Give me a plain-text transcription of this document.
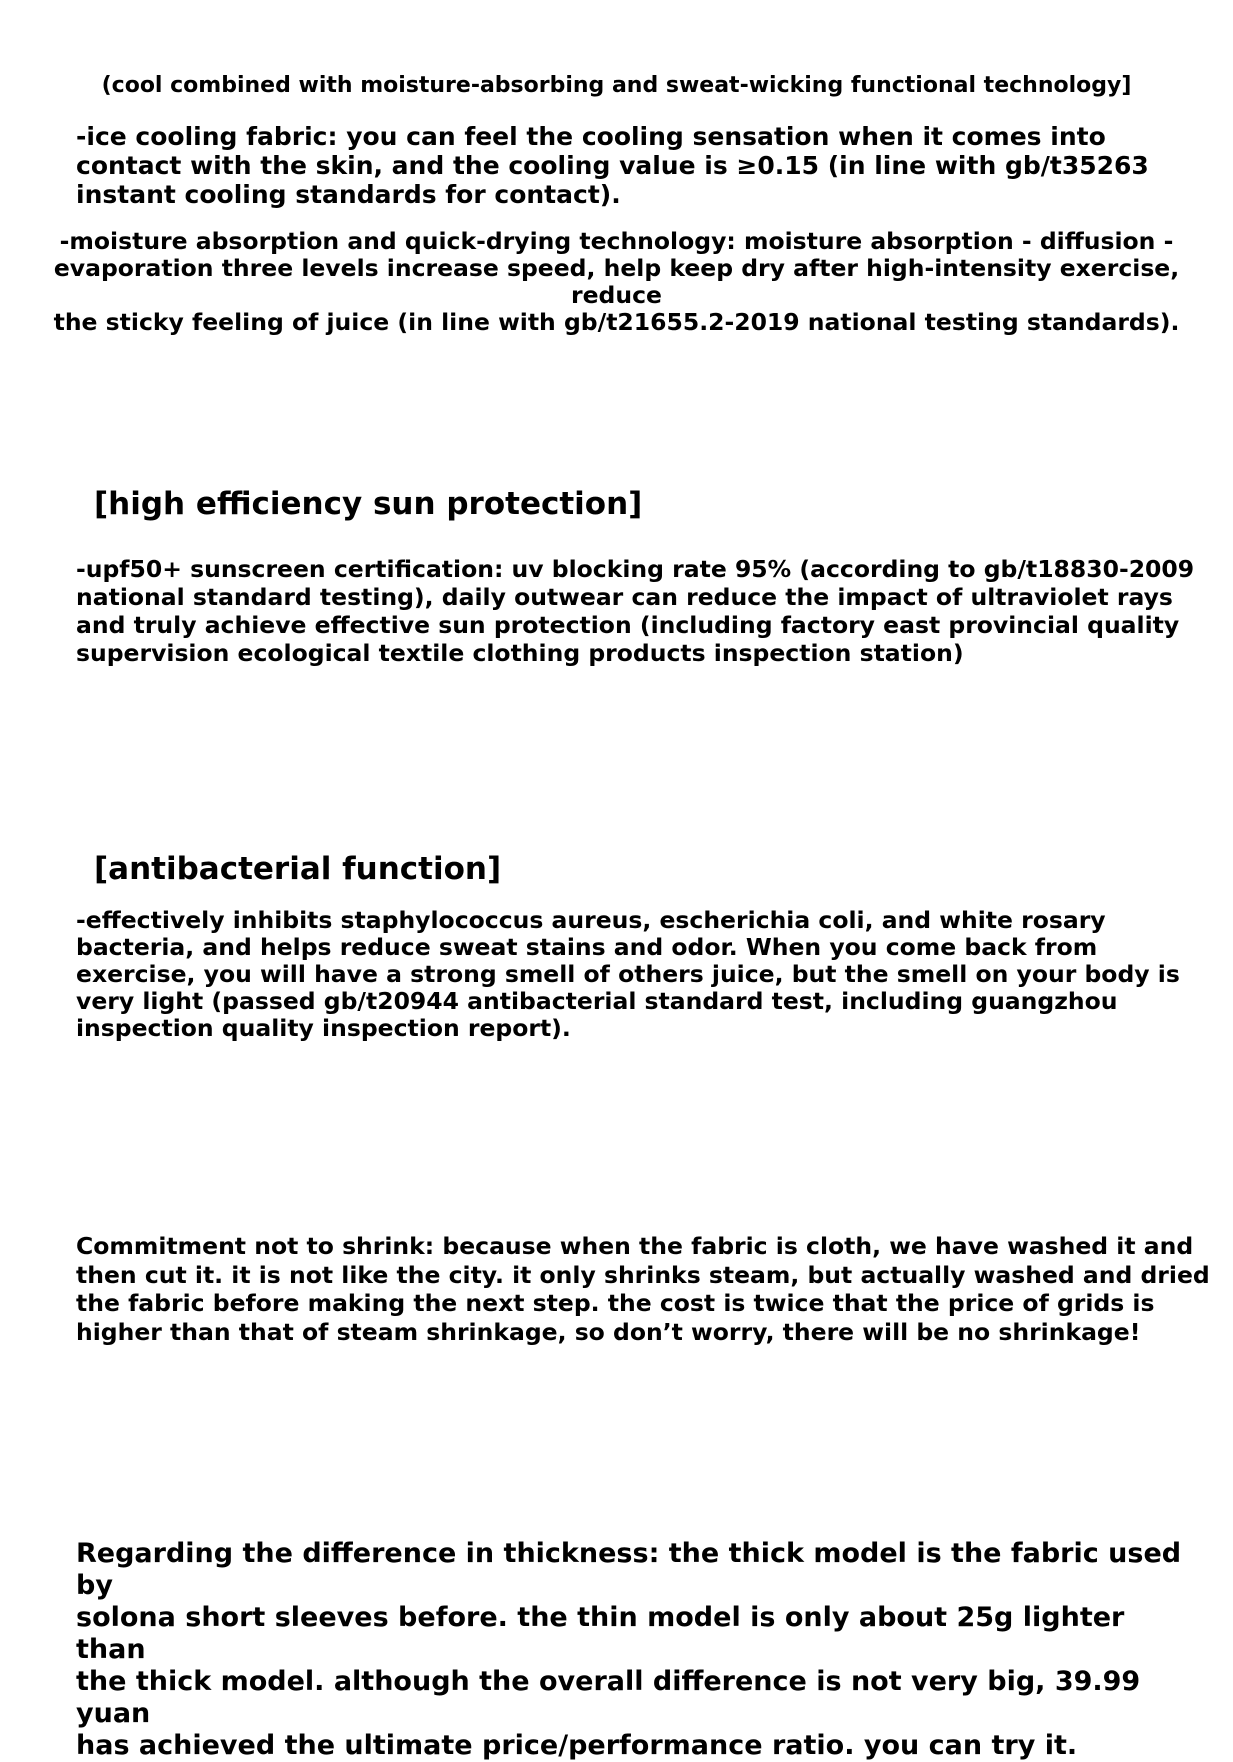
(cool combined with moisture-absorbing and sweat-wicking functional technology]

-ice cooling fabric: you can feel the cooling sensation when it comes into
contact with the skin, and the cooling value is ≥0.15 (in line with gb/t35263
instant cooling standards for contact).

-moisture absorption and quick-drying technology: moisture absorption - diffusion -
evaporation three levels increase speed, help keep dry after high-intensity exercise, reduce
the sticky feeling of juice (in line with gb/t21655.2-2019 national testing standards).

[high efficiency sun protection]

-upf50+ sunscreen certification: uv blocking rate 95% (according to gb/t18830-2009
national standard testing), daily outwear can reduce the impact of ultraviolet rays
and truly achieve effective sun protection (including factory east provincial quality
supervision ecological textile clothing products inspection station)

[antibacterial function]

-effectively inhibits staphylococcus aureus, escherichia coli, and white rosary
bacteria, and helps reduce sweat stains and odor. When you come back from
exercise, you will have a strong smell of others juice, but the smell on your body is
very light (passed gb/t20944 antibacterial standard test, including guangzhou
inspection quality inspection report).

Commitment not to shrink: because when the fabric is cloth, we have washed it and
then cut it. it is not like the city. it only shrinks steam, but actually washed and dried
the fabric before making the next step. the cost is twice that the price of grids is
higher than that of steam shrinkage, so don’t worry, there will be no shrinkage!

Regarding the difference in thickness: the thick model is the fabric used by
solona short sleeves before. the thin model is only about 25g lighter than
the thick model. although the overall difference is not very big, 39.99 yuan
has achieved the ultimate price/performance ratio. you can try it.
